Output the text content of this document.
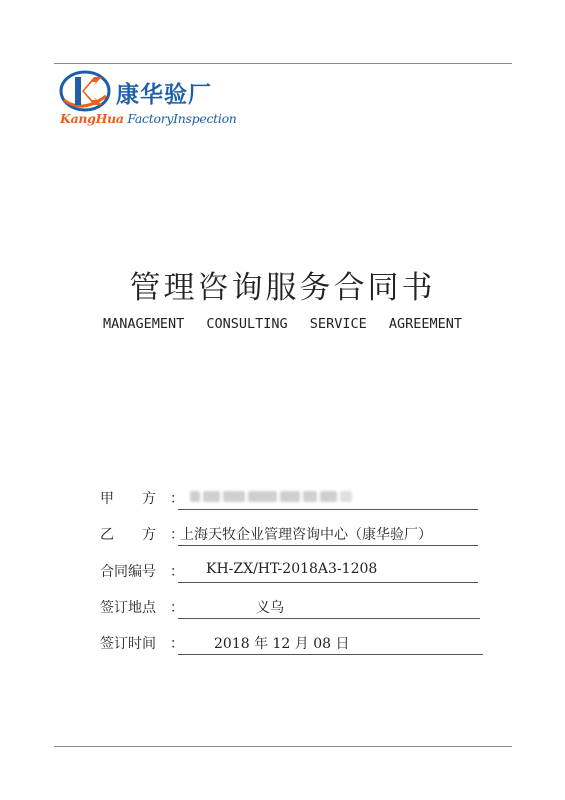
康华验厂
KangHua FactoryInspection
管理咨询服务合同书
MANAGEMENT CONSULTING SERVICE AGREEMENT
甲　　方 ：
乙　　方 ：
上海天牧企业管理咨询中心（康华验厂）
合同编号 ： KH-ZX/HT-2018A3-1208
签订地点 ：	义乌
签订时间 ： 2018 年 12 月 08 日
